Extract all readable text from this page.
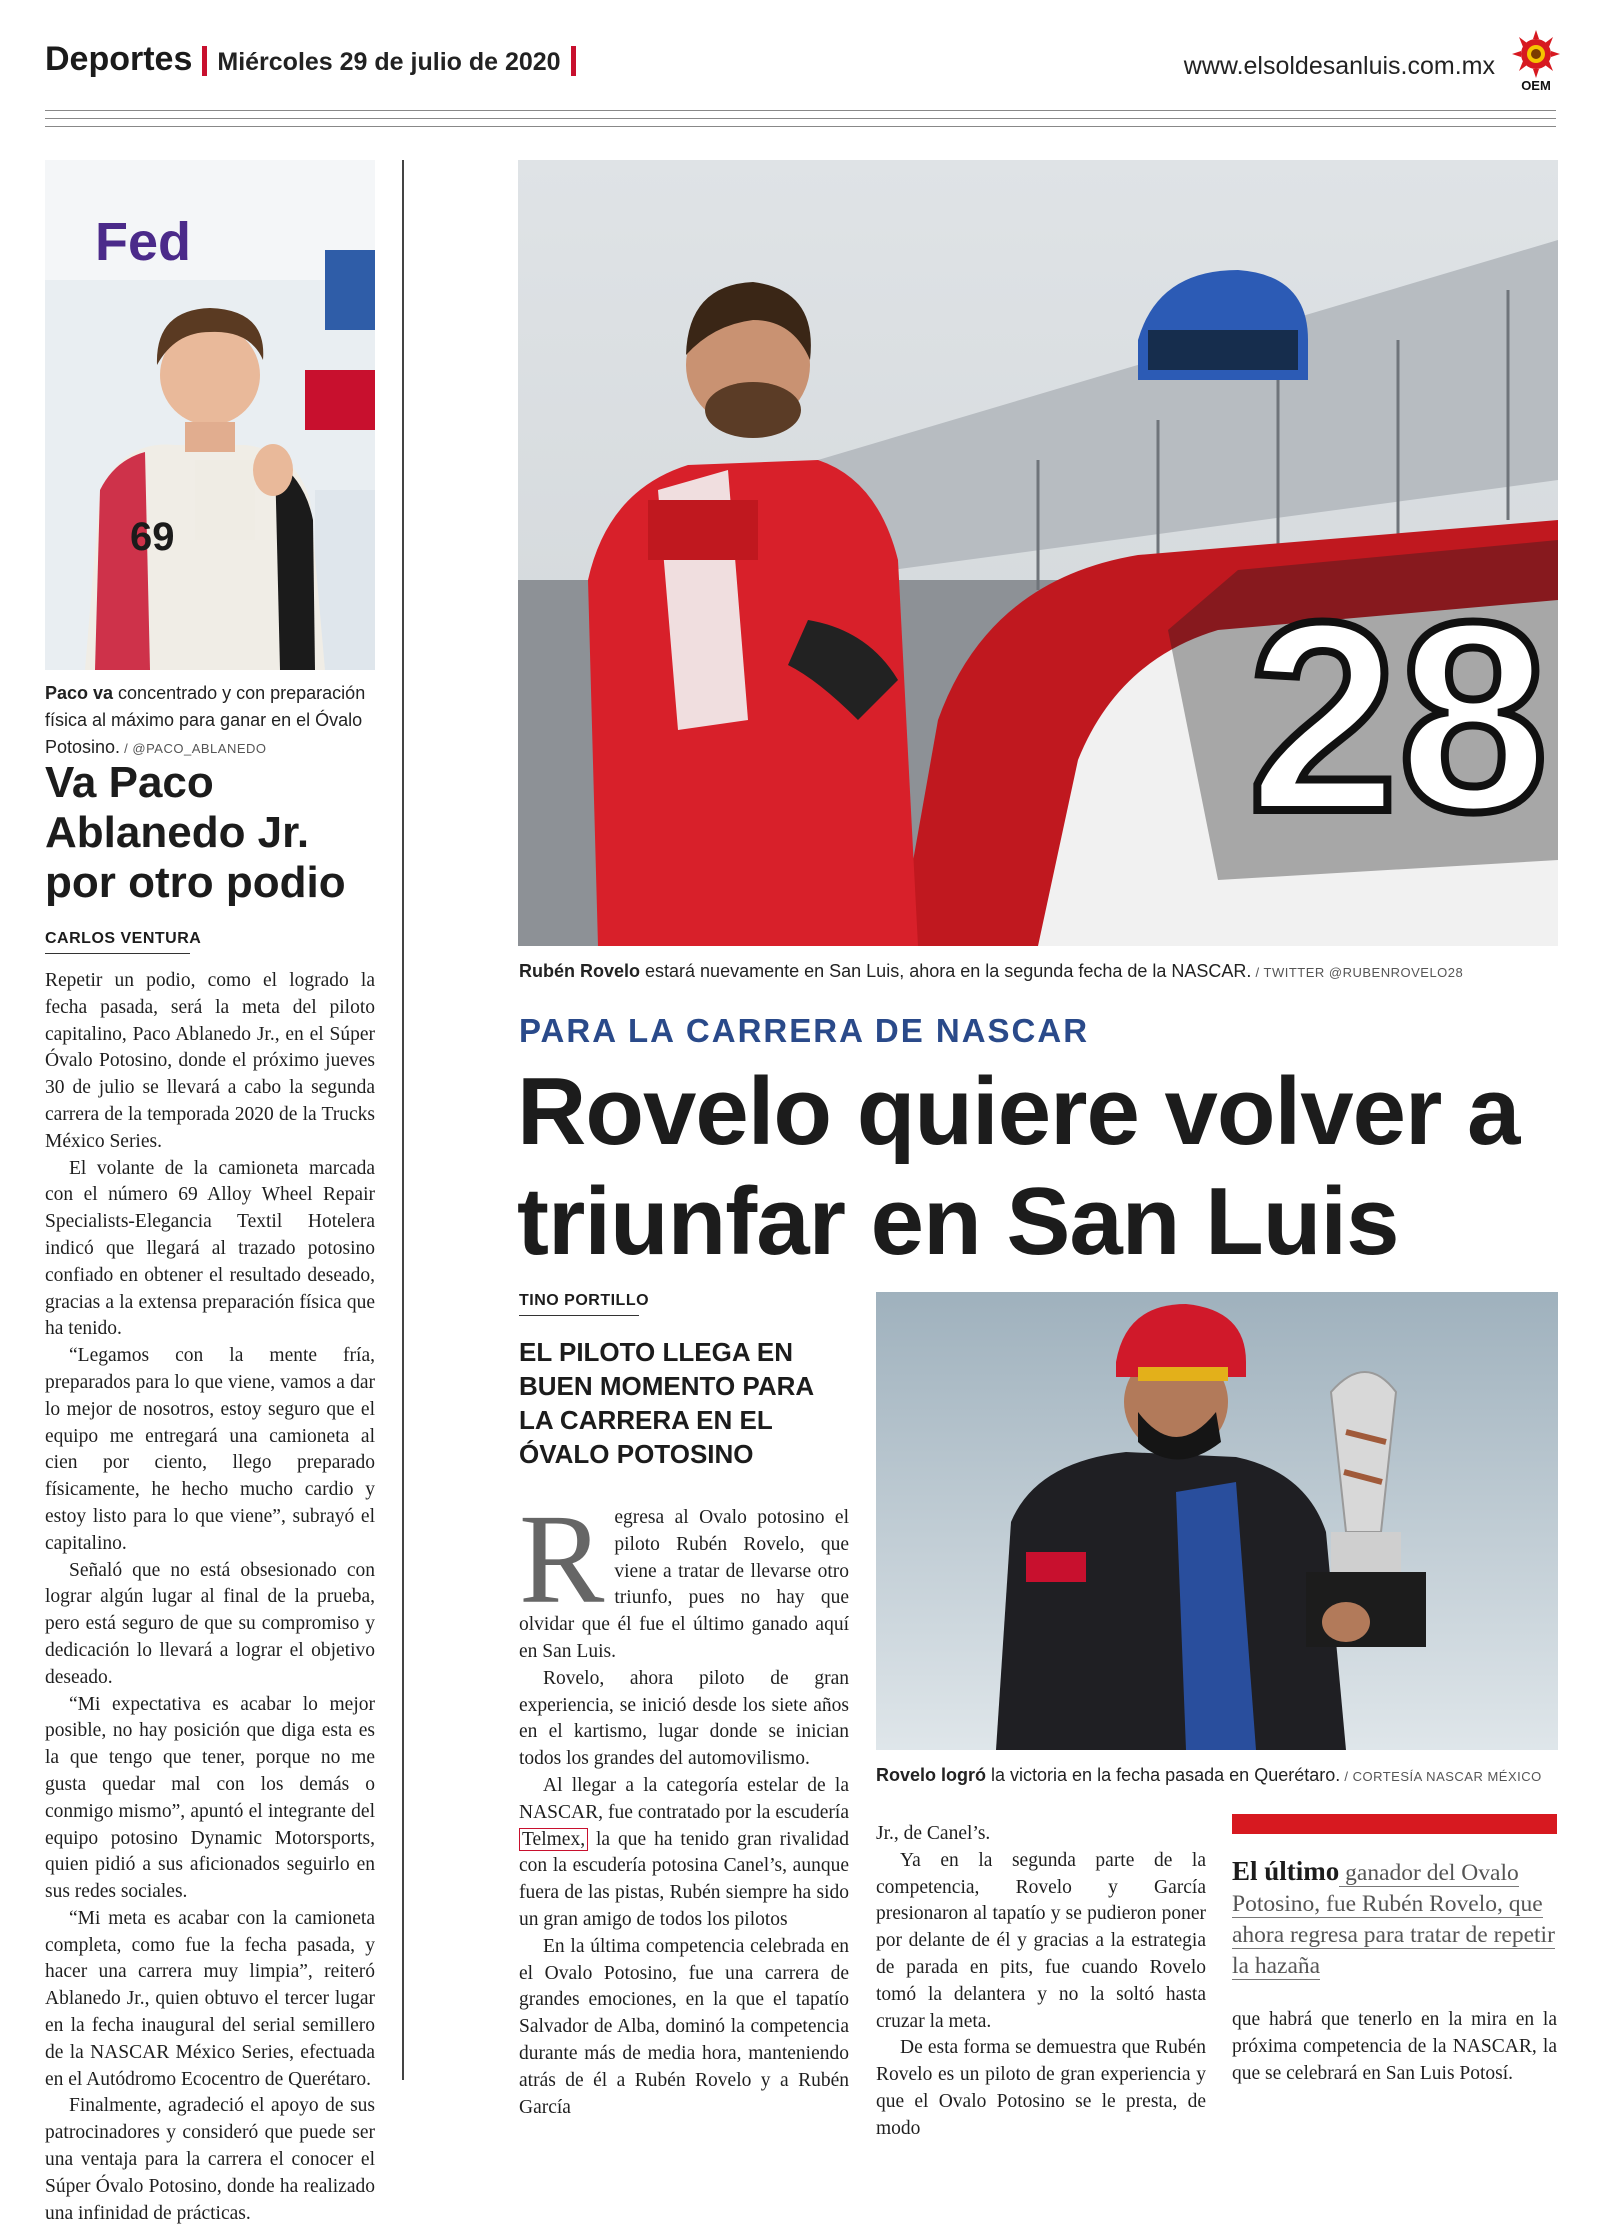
Deportes Miércoles 29 de julio de 2020	www.elsoldesanluis.com.mx
OEM
Fed
69
Paco va concentrado y con preparación física al máximo para ganar en el Óvalo Potosino. / @PACO_ABLANEDO
Va Paco
Ablanedo Jr.
por otro podio
CARLOS VENTURA

Repetir un podio, como el logrado la fecha pasada, será la meta del piloto capitalino, Paco Ablanedo Jr., en el Súper Óvalo Potosino, donde el próximo jueves 30 de julio se llevará a cabo la segunda carrera de la temporada 2020 de la Trucks México Series.

El volante de la camioneta marcada con el número 69 Alloy Wheel Repair Specialists-Elegancia Textil Hotelera indicó que llegará al trazado potosino confiado en obtener el resultado deseado, gracias a la extensa preparación física que ha tenido.

“Legamos con la mente fría, preparados para lo que viene, vamos a dar lo mejor de nosotros, estoy seguro que el equipo me entregará una camioneta al cien por ciento, llego preparado físicamente, he hecho mucho cardio y estoy listo para lo que viene”, subrayó el capitalino.

Señaló que no está obsesionado con lograr algún lugar al final de la prueba, pero está seguro de que su compromiso y dedicación lo llevará a lograr el objetivo deseado.

“Mi expectativa es acabar lo mejor posible, no hay posición que diga esta es la que tengo que tener, porque no me gusta quedar mal con los demás o conmigo mismo”, apuntó el integrante del equipo potosino Dynamic Motorsports, quien pidió a sus aficionados seguirlo en sus redes sociales.

“Mi meta es acabar con la camioneta completa, como fue la fecha pasada, y hacer una carrera muy limpia”, reiteró Ablanedo Jr., quien obtuvo el tercer lugar en la fecha inaugural del serial semillero de la NASCAR México Series, efectuada en el Autódromo Ecocentro de Querétaro.

Finalmente, agradeció el apoyo de sus patrocinadores y consideró que puede ser una ventaja para la carrera el conocer el Súper Óvalo Potosino, donde ha realizado una infinidad de prácticas.

28
Rubén Rovelo estará nuevamente en San Luis, ahora en la segunda fecha de la NASCAR. / TWITTER @RUBENROVELO28
PARA LA CARRERA DE NASCAR
Rovelo quiere volver a
triunfar en San Luis
TINO PORTILLO
EL PILOTO LLEGA EN BUEN MOMENTO PARA LA CARRERA EN EL ÓVALO POTOSINO
Rovelo logró la victoria en la fecha pasada en Querétaro. / CORTESÍA NASCAR MÉXICO

Regresa al Ovalo potosino el piloto Rubén Rovelo, que viene a tratar de llevarse otro triunfo, pues no hay que olvidar que él fue el último ganado aquí en San Luis.

Rovelo, ahora piloto de gran experiencia, se inició desde los siete años en el kartismo, lugar donde se inician todos los grandes del automovilismo.

Al llegar a la categoría estelar de la NASCAR, fue contratado por la escudería Telmex, la que ha tenido gran rivalidad con la escudería potosina Canel’s, aunque fuera de las pistas, Rubén siempre ha sido un gran amigo de todos los pilotos

En la última competencia celebrada en el Ovalo Potosino, fue una carrera de grandes emociones, en la que el tapatío Salvador de Alba, dominó la competencia durante más de media hora, manteniendo atrás de él a Rubén Rovelo y a Rubén García

Jr., de Canel’s.

Ya en la segunda parte de la competencia, Rovelo y García presionaron al tapatío y se pudieron poner por delante de él y gracias a la estrategia de parada en pits, fue cuando Rovelo tomó la delantera y no la soltó hasta cruzar la meta.

De esta forma se demuestra que Rubén Rovelo es un piloto de gran experiencia y que el Ovalo Potosino se le presta, de modo

El último ganador del Ovalo Potosino, fue Rubén Rovelo, que ahora regresa para tratar de repetir la hazaña

que habrá que tenerlo en la mira en la próxima competencia de la NASCAR, la que se celebrará en San Luis Potosí.
